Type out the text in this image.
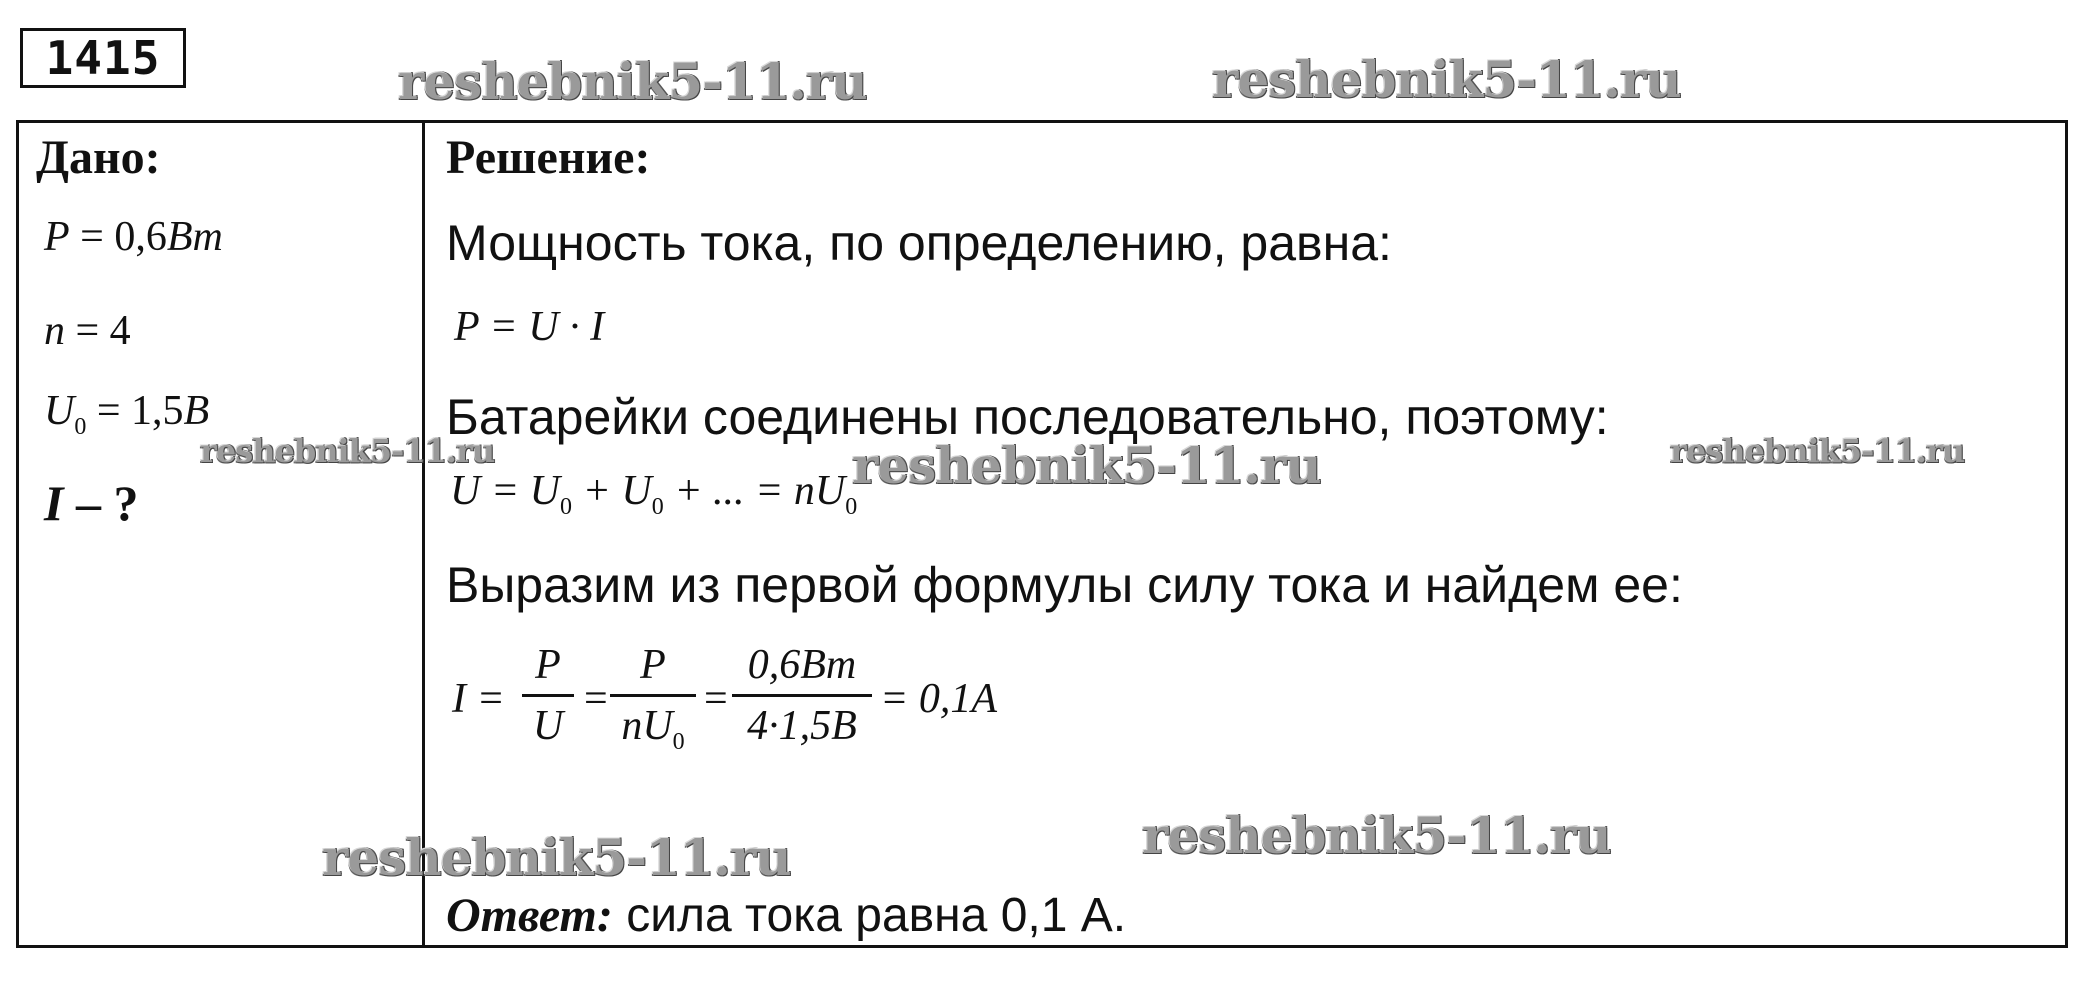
1415
Дано:
P = 0,6Bm
n = 4
$U_0 = 1,5B$
I – ?
Решение:
Мощность тока, по определению, равна:
P = U · I
Батарейки соединены последовательно, поэтому:
$U = U_0 + U_0$ + ... = $nU_0$
Выразим из первой формулы силу тока и найдем ее:
I =
P
U
=
P
$nU_0$
=
0,6Bm
4·1,5B
= 0,1A
Ответ: сила тока равна 0,1 А.
reshebnik5-11.ru	reshebnik5-11.ru
reshebnik5-11.ru	reshebnik5-11.ru	reshebnik5-11.ru
reshebnik5-11.ru	reshebnik5-11.ru
